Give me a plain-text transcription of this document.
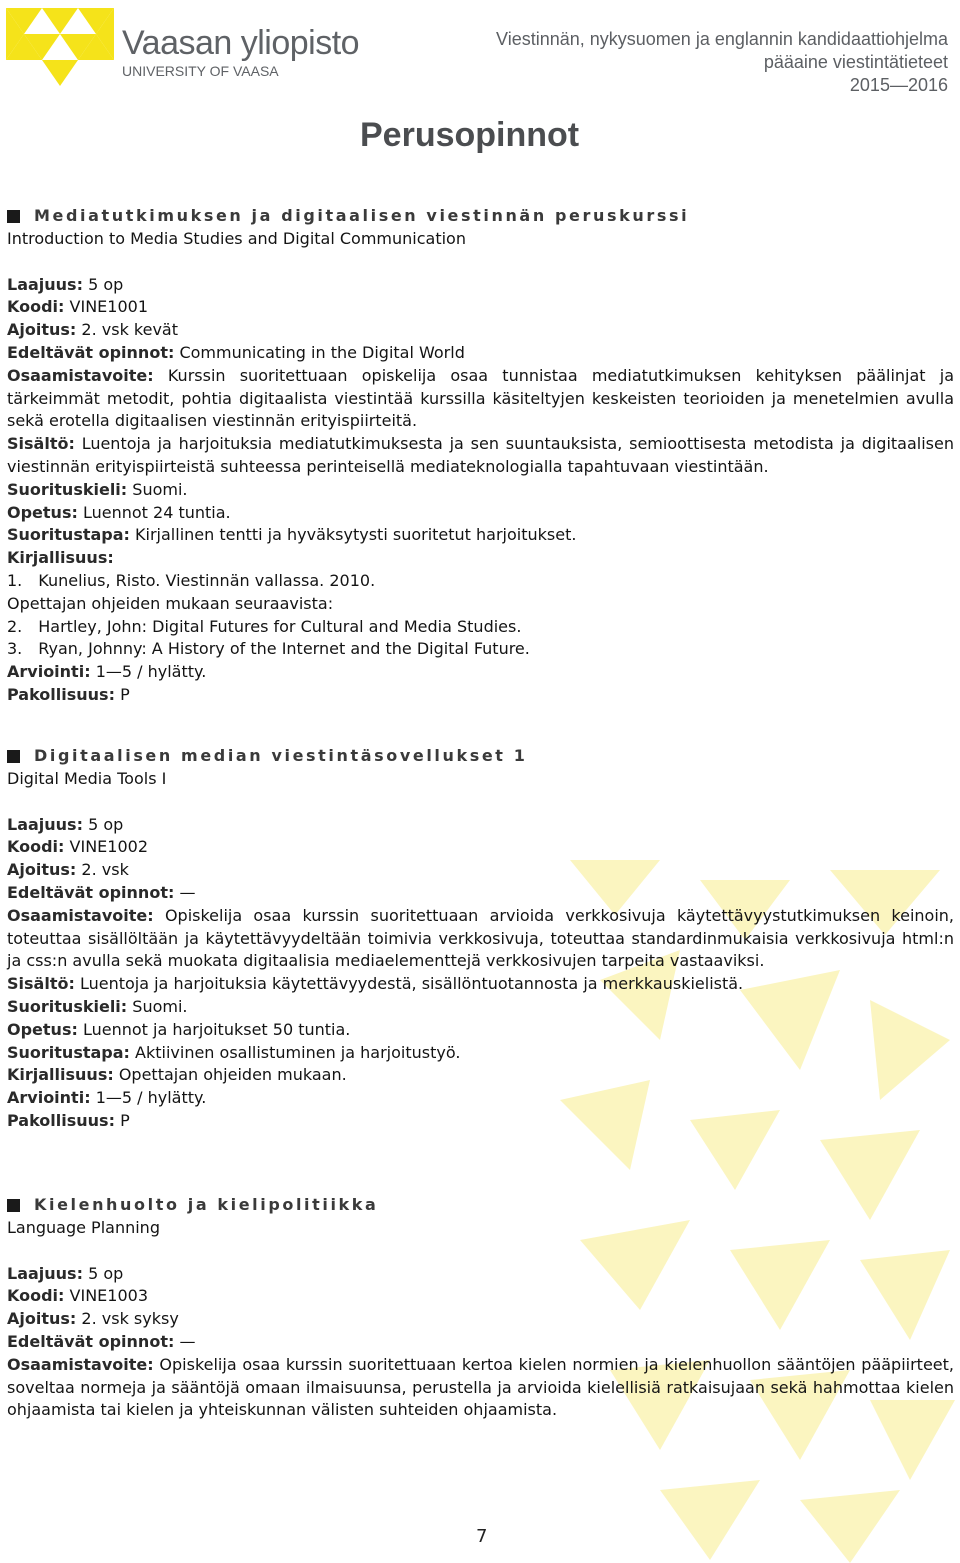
Vaasan yliopisto
UNIVERSITY OF VAASA
Viestinnän, nykysuomen ja englannin kandidaattiohjelma
pääaine viestintätieteet
2015—2016
Perusopinnot
Mediatutkimuksen ja digitaalisen viestinnän peruskurssi
Introduction to Media Studies and Digital Communication
Laajuus: 5 op
Koodi: VINE1001
Ajoitus: 2. vsk kevät
Edeltävät opinnot: Communicating in the Digital World
Osaamistavoite: Kurssin suoritettuaan opiskelija osaa tunnistaa mediatutkimuksen kehityksen päälinjat ja tärkeimmät metodit, pohtia digitaalista viestintää kurssilla käsiteltyjen keskeisten teorioiden ja menetelmien avulla sekä erotella digitaalisen viestinnän erityispiirteitä.
Sisältö: Luentoja ja harjoituksia mediatutkimuksesta ja sen suuntauksista, semioottisesta metodista ja digitaalisen viestinnän erityispiirteistä suhteessa perinteisellä mediateknologialla tapahtuvaan viestintään.
Suorituskieli: Suomi.
Opetus: Luennot 24 tuntia.
Suoritustapa: Kirjallinen tentti ja hyväksytysti suoritetut harjoitukset.
Kirjallisuus:
1. Kunelius, Risto. Viestinnän vallassa. 2010.
Opettajan ohjeiden mukaan seuraavista:
2. Hartley, John: Digital Futures for Cultural and Media Studies.
3. Ryan, Johnny: A History of the Internet and the Digital Future.
Arviointi: 1—5 / hylätty.
Pakollisuus: P
Digitaalisen median viestintäsovellukset 1
Digital Media Tools I
Laajuus: 5 op
Koodi: VINE1002
Ajoitus: 2. vsk
Edeltävät opinnot: —
Osaamistavoite: Opiskelija osaa kurssin suoritettuaan arvioida verkkosivuja käytettävyystutkimuksen keinoin, toteuttaa sisällöltään ja käytettävyydeltään toimivia verkkosivuja, toteuttaa standardinmukaisia verkkosivuja html:n ja css:n avulla sekä muokata digitaalisia mediaelementtejä verkkosivujen tarpeita vastaaviksi.
Sisältö: Luentoja ja harjoituksia käytettävyydestä, sisällöntuotannosta ja merkkauskielistä.
Suorituskieli: Suomi.
Opetus: Luennot ja harjoitukset 50 tuntia.
Suoritustapa: Aktiivinen osallistuminen ja harjoitustyö.
Kirjallisuus: Opettajan ohjeiden mukaan.
Arviointi: 1—5 / hylätty.
Pakollisuus: P
Kielenhuolto ja kielipolitiikka
Language Planning
Laajuus: 5 op
Koodi: VINE1003
Ajoitus: 2. vsk syksy
Edeltävät opinnot: —
Osaamistavoite: Opiskelija osaa kurssin suoritettuaan kertoa kielen normien ja kielenhuollon sääntöjen pääpiirteet, soveltaa normeja ja sääntöjä omaan ilmaisuunsa, perustella ja arvioida kielellisiä ratkaisujaan sekä hahmottaa kielen ohjaamista tai kielen ja yhteiskunnan välisten suhteiden ohjaamista.
7
